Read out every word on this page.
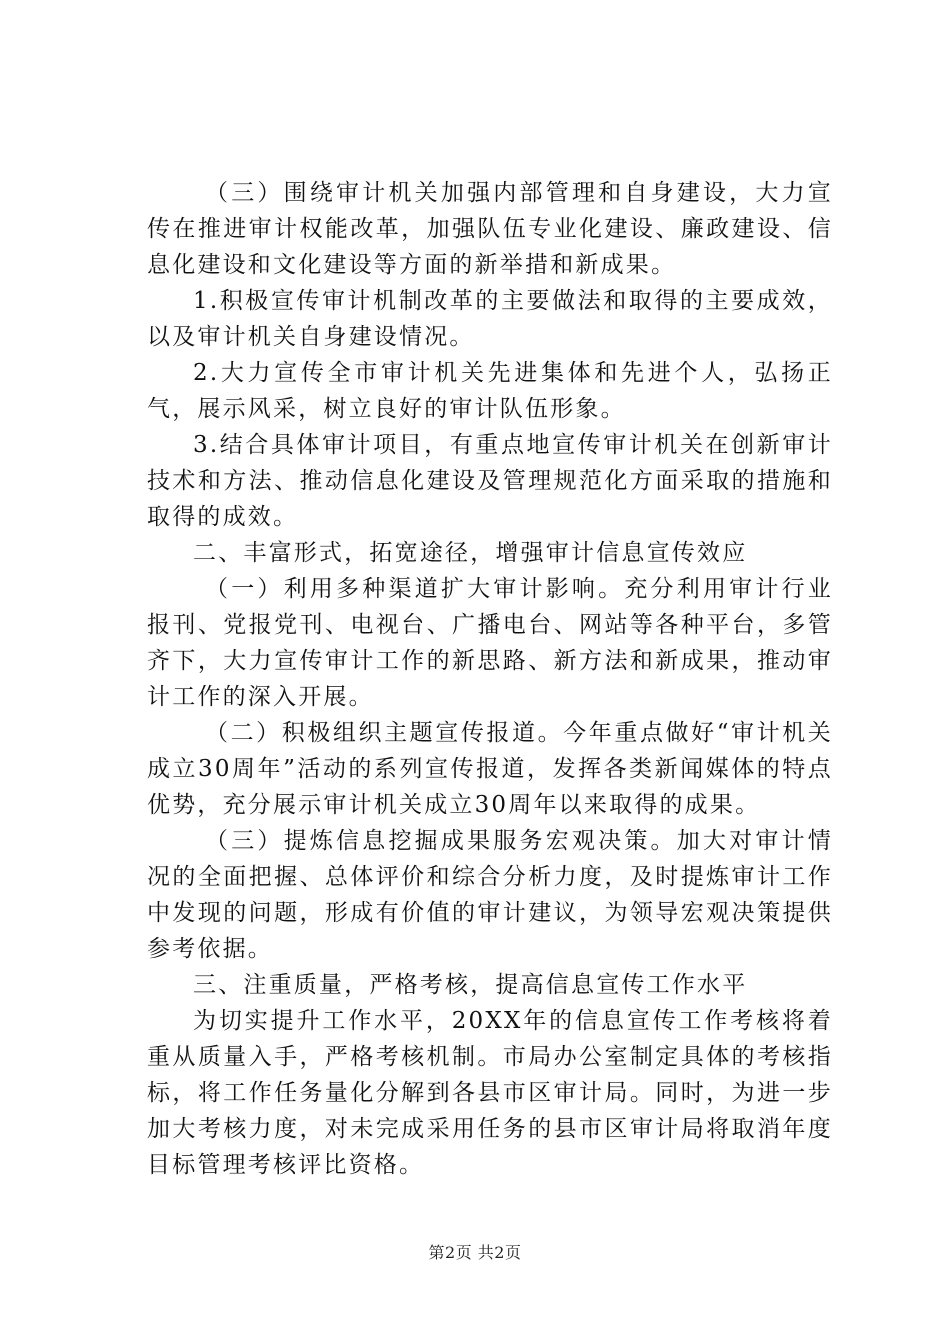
（三）围绕审计机关加强内部管理和自身建设，大力宣传在推进审计权能改革，加强队伍专业化建设、廉政建设、信息化建设和文化建设等方面的新举措和新成果。

1.积极宣传审计机制改革的主要做法和取得的主要成效，以及审计机关自身建设情况。

2.大力宣传全市审计机关先进集体和先进个人，弘扬正气，展示风采，树立良好的审计队伍形象。

3.结合具体审计项目，有重点地宣传审计机关在创新审计技术和方法、推动信息化建设及管理规范化方面采取的措施和取得的成效。

二、丰富形式，拓宽途径，增强审计信息宣传效应

（一）利用多种渠道扩大审计影响。充分利用审计行业报刊、党报党刊、电视台、广播电台、网站等各种平台，多管齐下，大力宣传审计工作的新思路、新方法和新成果，推动审计工作的深入开展。

（二）积极组织主题宣传报道。今年重点做好“审计机关成立30周年”活动的系列宣传报道，发挥各类新闻媒体的特点优势，充分展示审计机关成立30周年以来取得的成果。

（三）提炼信息挖掘成果服务宏观决策。加大对审计情况的全面把握、总体评价和综合分析力度，及时提炼审计工作中发现的问题，形成有价值的审计建议，为领导宏观决策提供参考依据。

三、注重质量，严格考核，提高信息宣传工作水平

为切实提升工作水平，20XX年的信息宣传工作考核将着重从质量入手，严格考核机制。市局办公室制定具体的考核指标，将工作任务量化分解到各县市区审计局。同时，为进一步加大考核力度，对未完成采用任务的县市区审计局将取消年度目标管理考核评比资格。

第2页 共2页
